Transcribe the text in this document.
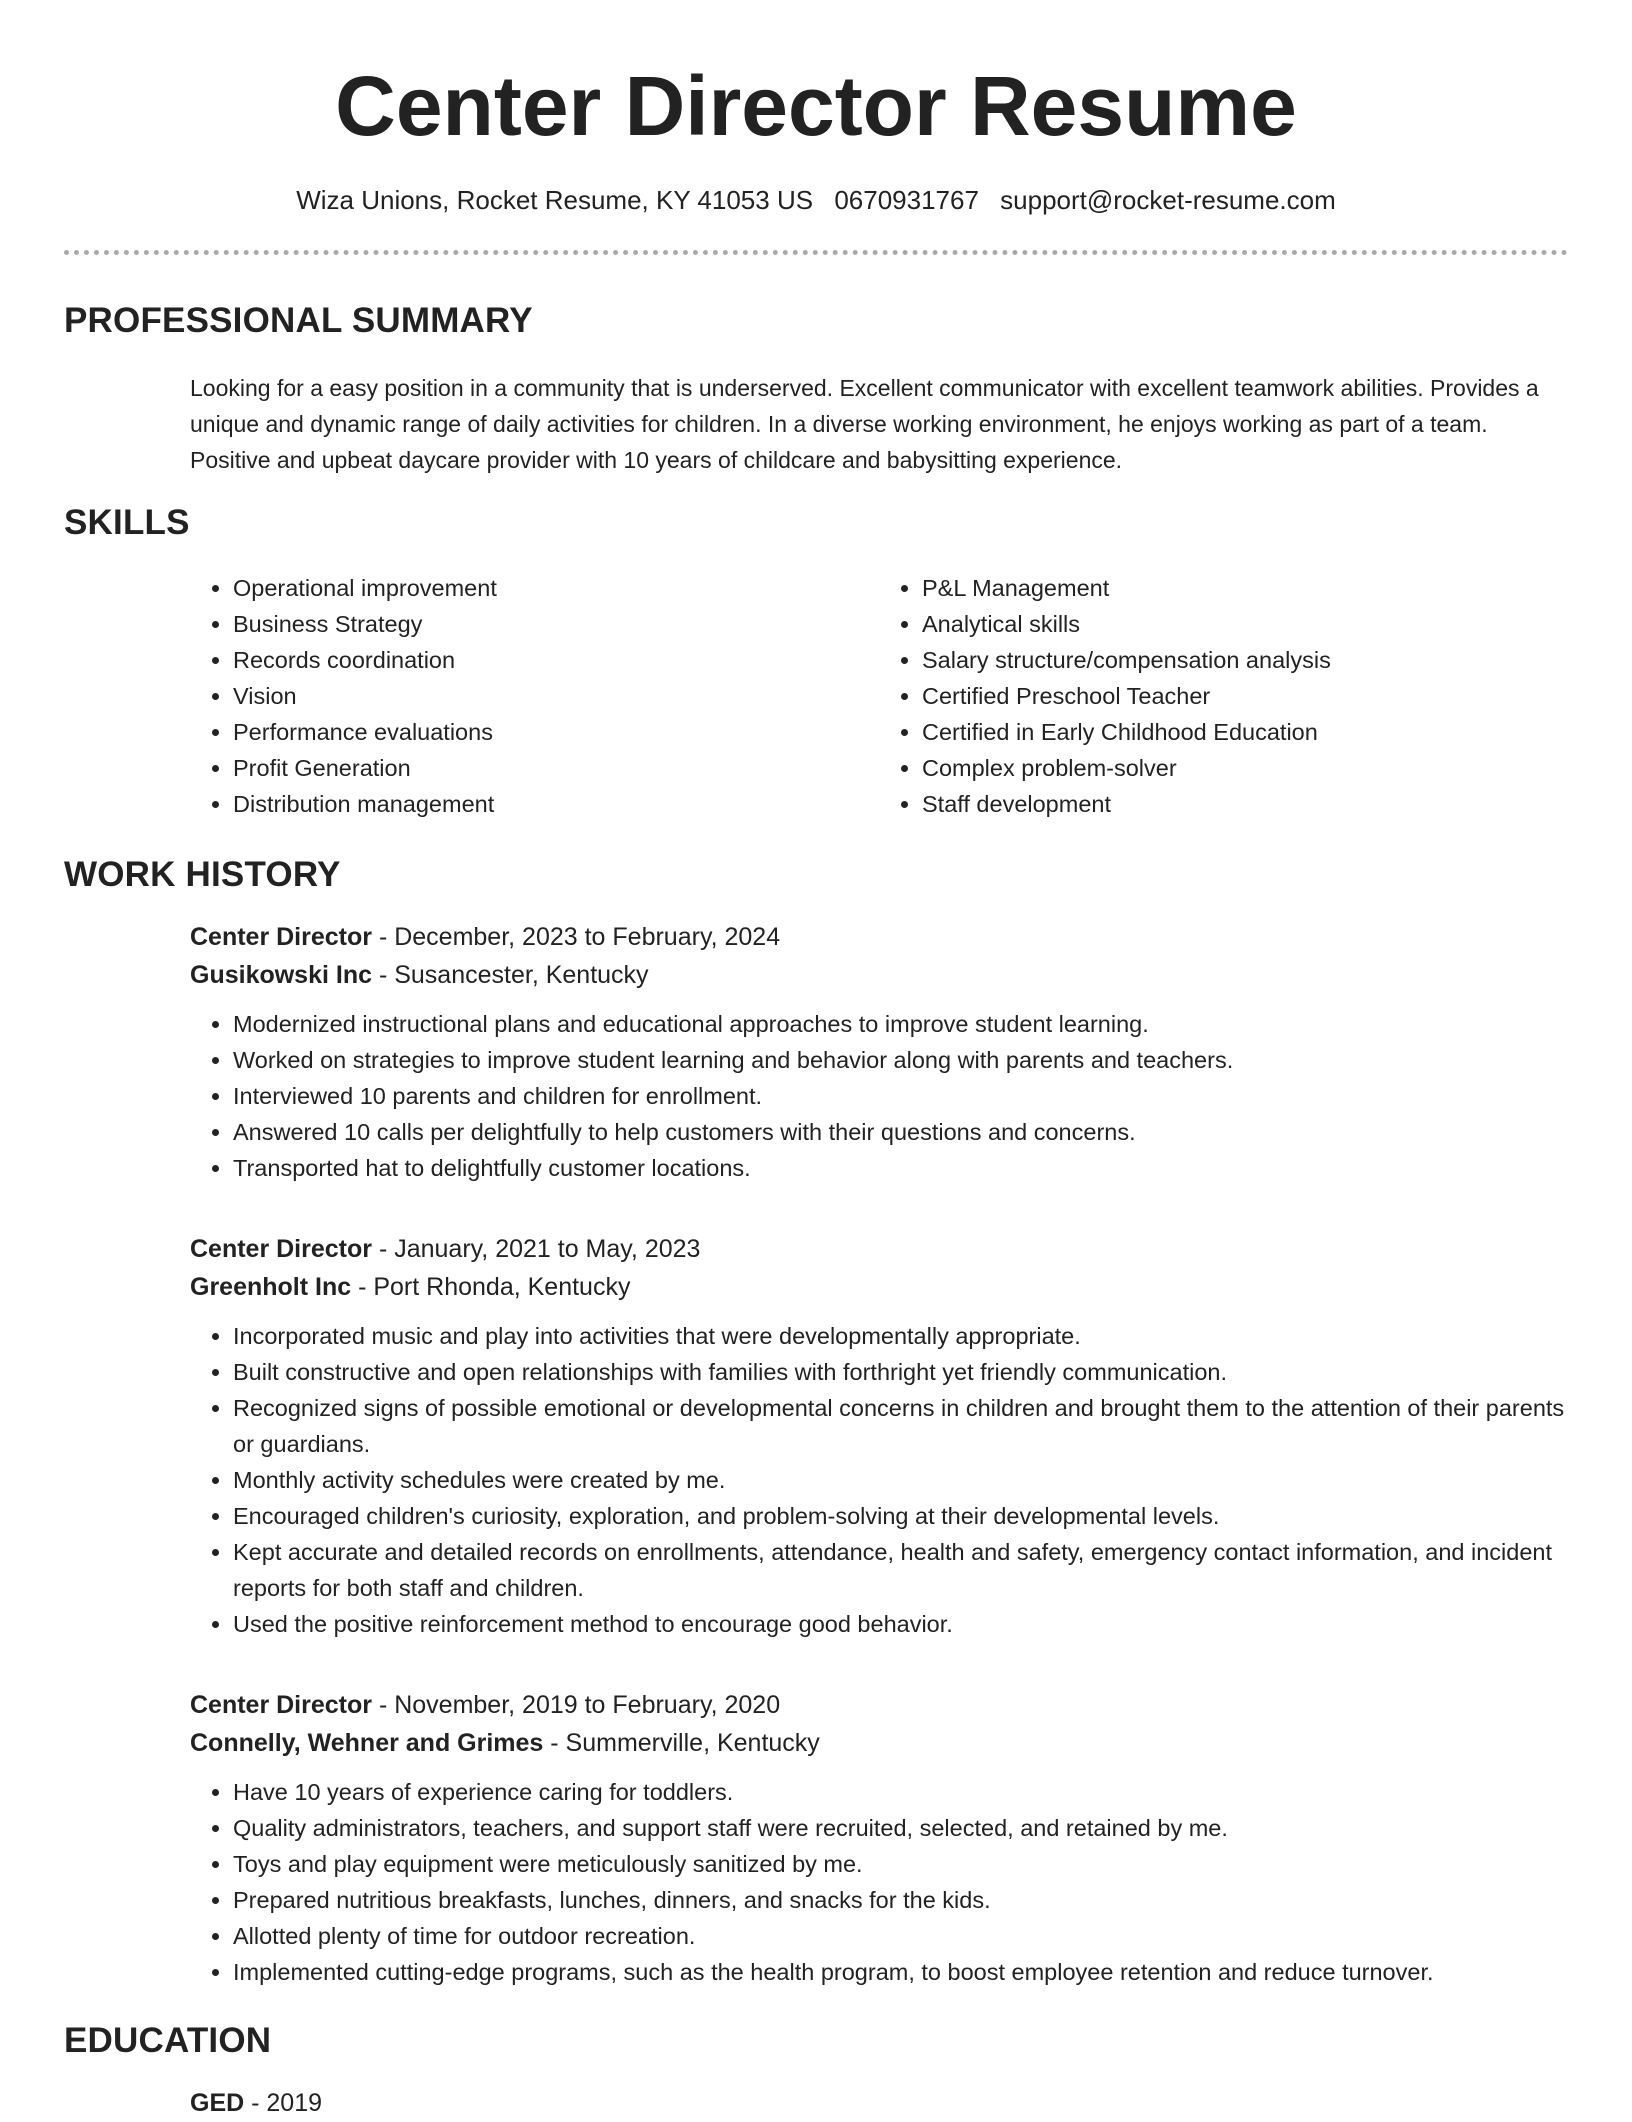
Center Director Resume
Wiza Unions, Rocket Resume, KY 41053 US 0670931767 support@rocket-resume.com
PROFESSIONAL SUMMARY

Looking for a easy position in a community that is underserved. Excellent communicator with excellent teamwork abilities. Provides a unique and dynamic range of daily activities for children. In a diverse working environment, he enjoys working as part of a team. Positive and upbeat daycare provider with 10 years of childcare and babysitting experience.

SKILLS
• Operational improvement
• Business Strategy
• Records coordination
• Vision
• Performance evaluations
• Profit Generation
• Distribution management
• P&L Management
• Analytical skills
• Salary structure/compensation analysis
• Certified Preschool Teacher
• Certified in Early Childhood Education
• Complex problem-solver
• Staff development
WORK HISTORY
Center Director - December, 2023 to February, 2024
Gusikowski Inc - Susancester, Kentucky
• Modernized instructional plans and educational approaches to improve student learning.
• Worked on strategies to improve student learning and behavior along with parents and teachers.
• Interviewed 10 parents and children for enrollment.
• Answered 10 calls per delightfully to help customers with their questions and concerns.
• Transported hat to delightfully customer locations.
Center Director - January, 2021 to May, 2023
Greenholt Inc - Port Rhonda, Kentucky
• Incorporated music and play into activities that were developmentally appropriate.
• Built constructive and open relationships with families with forthright yet friendly communication.
• Recognized signs of possible emotional or developmental concerns in children and brought them to the attention of their parents or guardians.
• Monthly activity schedules were created by me.
• Encouraged children's curiosity, exploration, and problem-solving at their developmental levels.
• Kept accurate and detailed records on enrollments, attendance, health and safety, emergency contact information, and incident reports for both staff and children.
• Used the positive reinforcement method to encourage good behavior.
Center Director - November, 2019 to February, 2020
Connelly, Wehner and Grimes - Summerville, Kentucky
• Have 10 years of experience caring for toddlers.
• Quality administrators, teachers, and support staff were recruited, selected, and retained by me.
• Toys and play equipment were meticulously sanitized by me.
• Prepared nutritious breakfasts, lunches, dinners, and snacks for the kids.
• Allotted plenty of time for outdoor recreation.
• Implemented cutting-edge programs, such as the health program, to boost employee retention and reduce turnover.
EDUCATION
GED - 2019
